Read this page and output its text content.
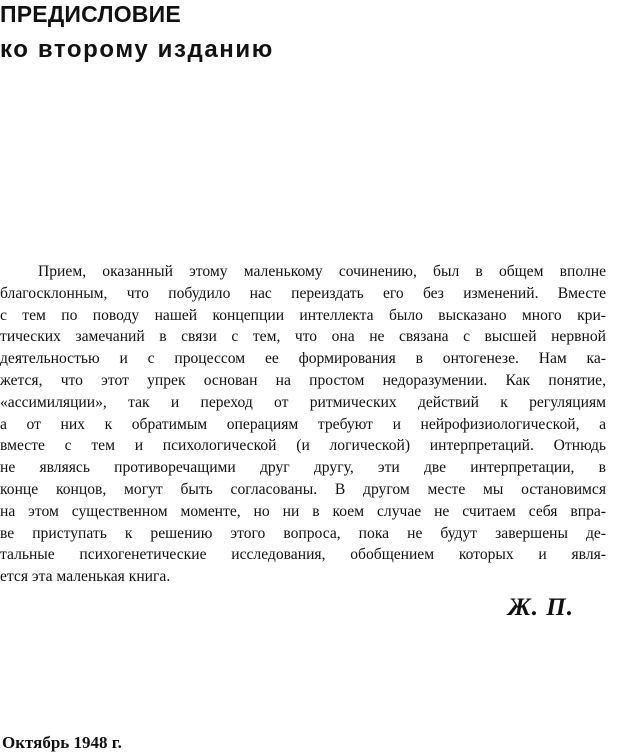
ПРЕДИСЛОВИЕ
ко второму изданию
Прием, оказанный этому маленькому сочинению, был в общем вполне
благосклонным, что побудило нас переиздать его без изменений. Вместе
с тем по поводу нашей концепции интеллекта было высказано много кри-
тических замечаний в связи с тем, что она не связана с высшей нервной
деятельностью и с процессом ее формирования в онтогенезе. Нам ка-
жется, что этот упрек основан на простом недоразумении. Как понятие,
«ассимиляции», так и переход от ритмических действий к регуляциям
а от них к обратимым операциям требуют и нейрофизиологической, а
вместе с тем и психологической (и логической) интерпретаций. Отнюдь
не являясь противоречащими друг другу, эти две интерпретации, в
конце концов, могут быть согласованы. В другом месте мы остановимся
на этом существенном моменте, но ни в коем случае не считаем себя впра-
ве приступать к решению этого вопроса, пока не будут завершены де-
тальные психогенетические исследования, обобщением которых и явля-
ется эта маленькая книга.
Ж. П.
Октябрь 1948 г.
